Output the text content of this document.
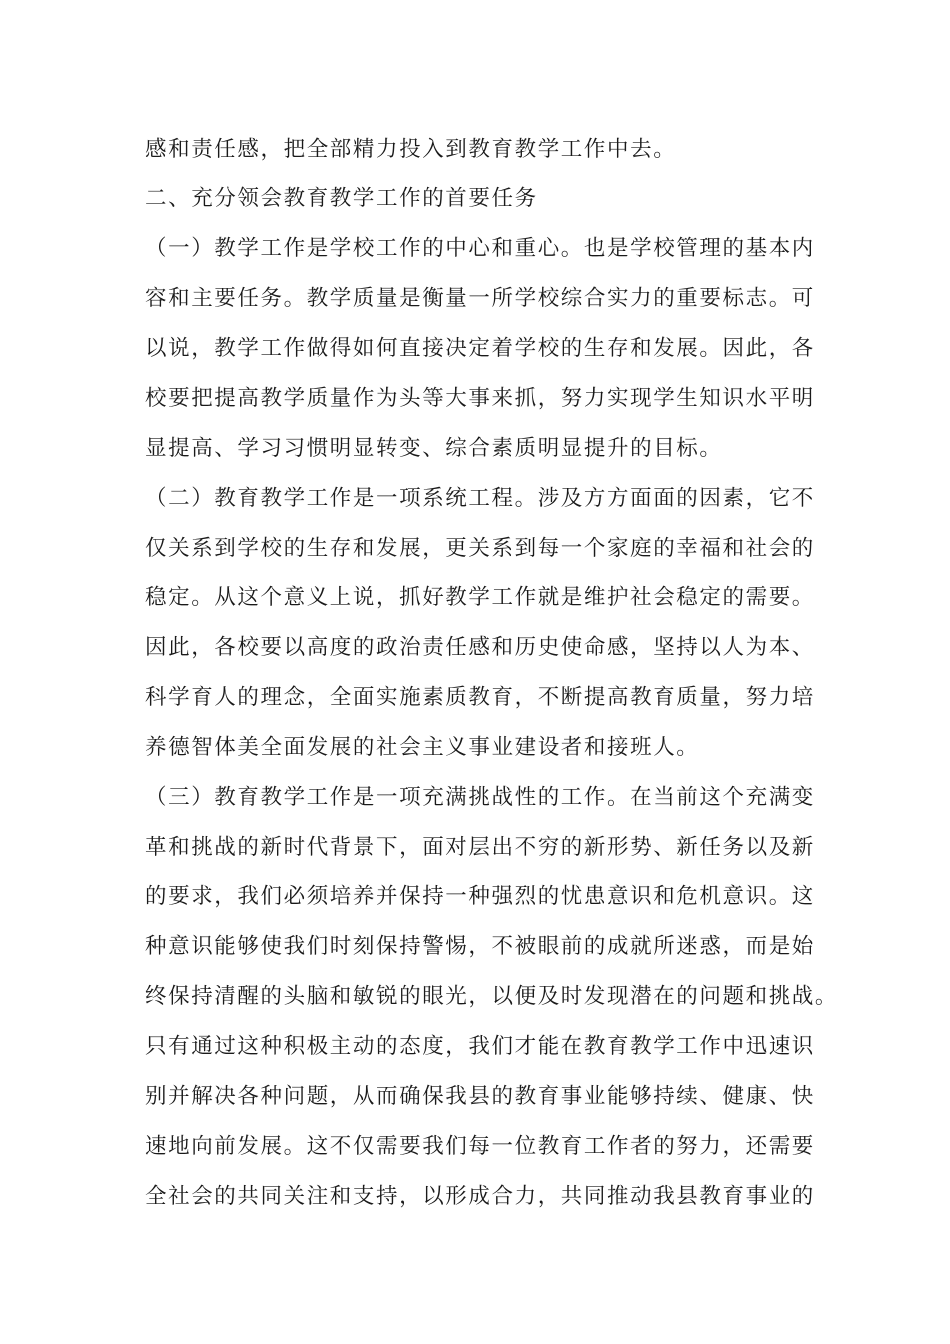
感和责任感，把全部精力投入到教育教学工作中去。
二、充分领会教育教学工作的首要任务
（一）教学工作是学校工作的中心和重心。也是学校管理的基本内
容和主要任务。教学质量是衡量一所学校综合实力的重要标志。可
以说，教学工作做得如何直接决定着学校的生存和发展。因此，各
校要把提高教学质量作为头等大事来抓，努力实现学生知识水平明
显提高、学习习惯明显转变、综合素质明显提升的目标。
（二）教育教学工作是一项系统工程。涉及方方面面的因素，它不
仅关系到学校的生存和发展，更关系到每一个家庭的幸福和社会的
稳定。从这个意义上说，抓好教学工作就是维护社会稳定的需要。
因此，各校要以高度的政治责任感和历史使命感，坚持以人为本、
科学育人的理念，全面实施素质教育，不断提高教育质量，努力培
养德智体美全面发展的社会主义事业建设者和接班人。
（三）教育教学工作是一项充满挑战性的工作。在当前这个充满变
革和挑战的新时代背景下，面对层出不穷的新形势、新任务以及新
的要求，我们必须培养并保持一种强烈的忧患意识和危机意识。这
种意识能够使我们时刻保持警惕，不被眼前的成就所迷惑，而是始
终保持清醒的头脑和敏锐的眼光，以便及时发现潜在的问题和挑战。
只有通过这种积极主动的态度，我们才能在教育教学工作中迅速识
别并解决各种问题，从而确保我县的教育事业能够持续、健康、快
速地向前发展。这不仅需要我们每一位教育工作者的努力，还需要
全社会的共同关注和支持，以形成合力，共同推动我县教育事业的
